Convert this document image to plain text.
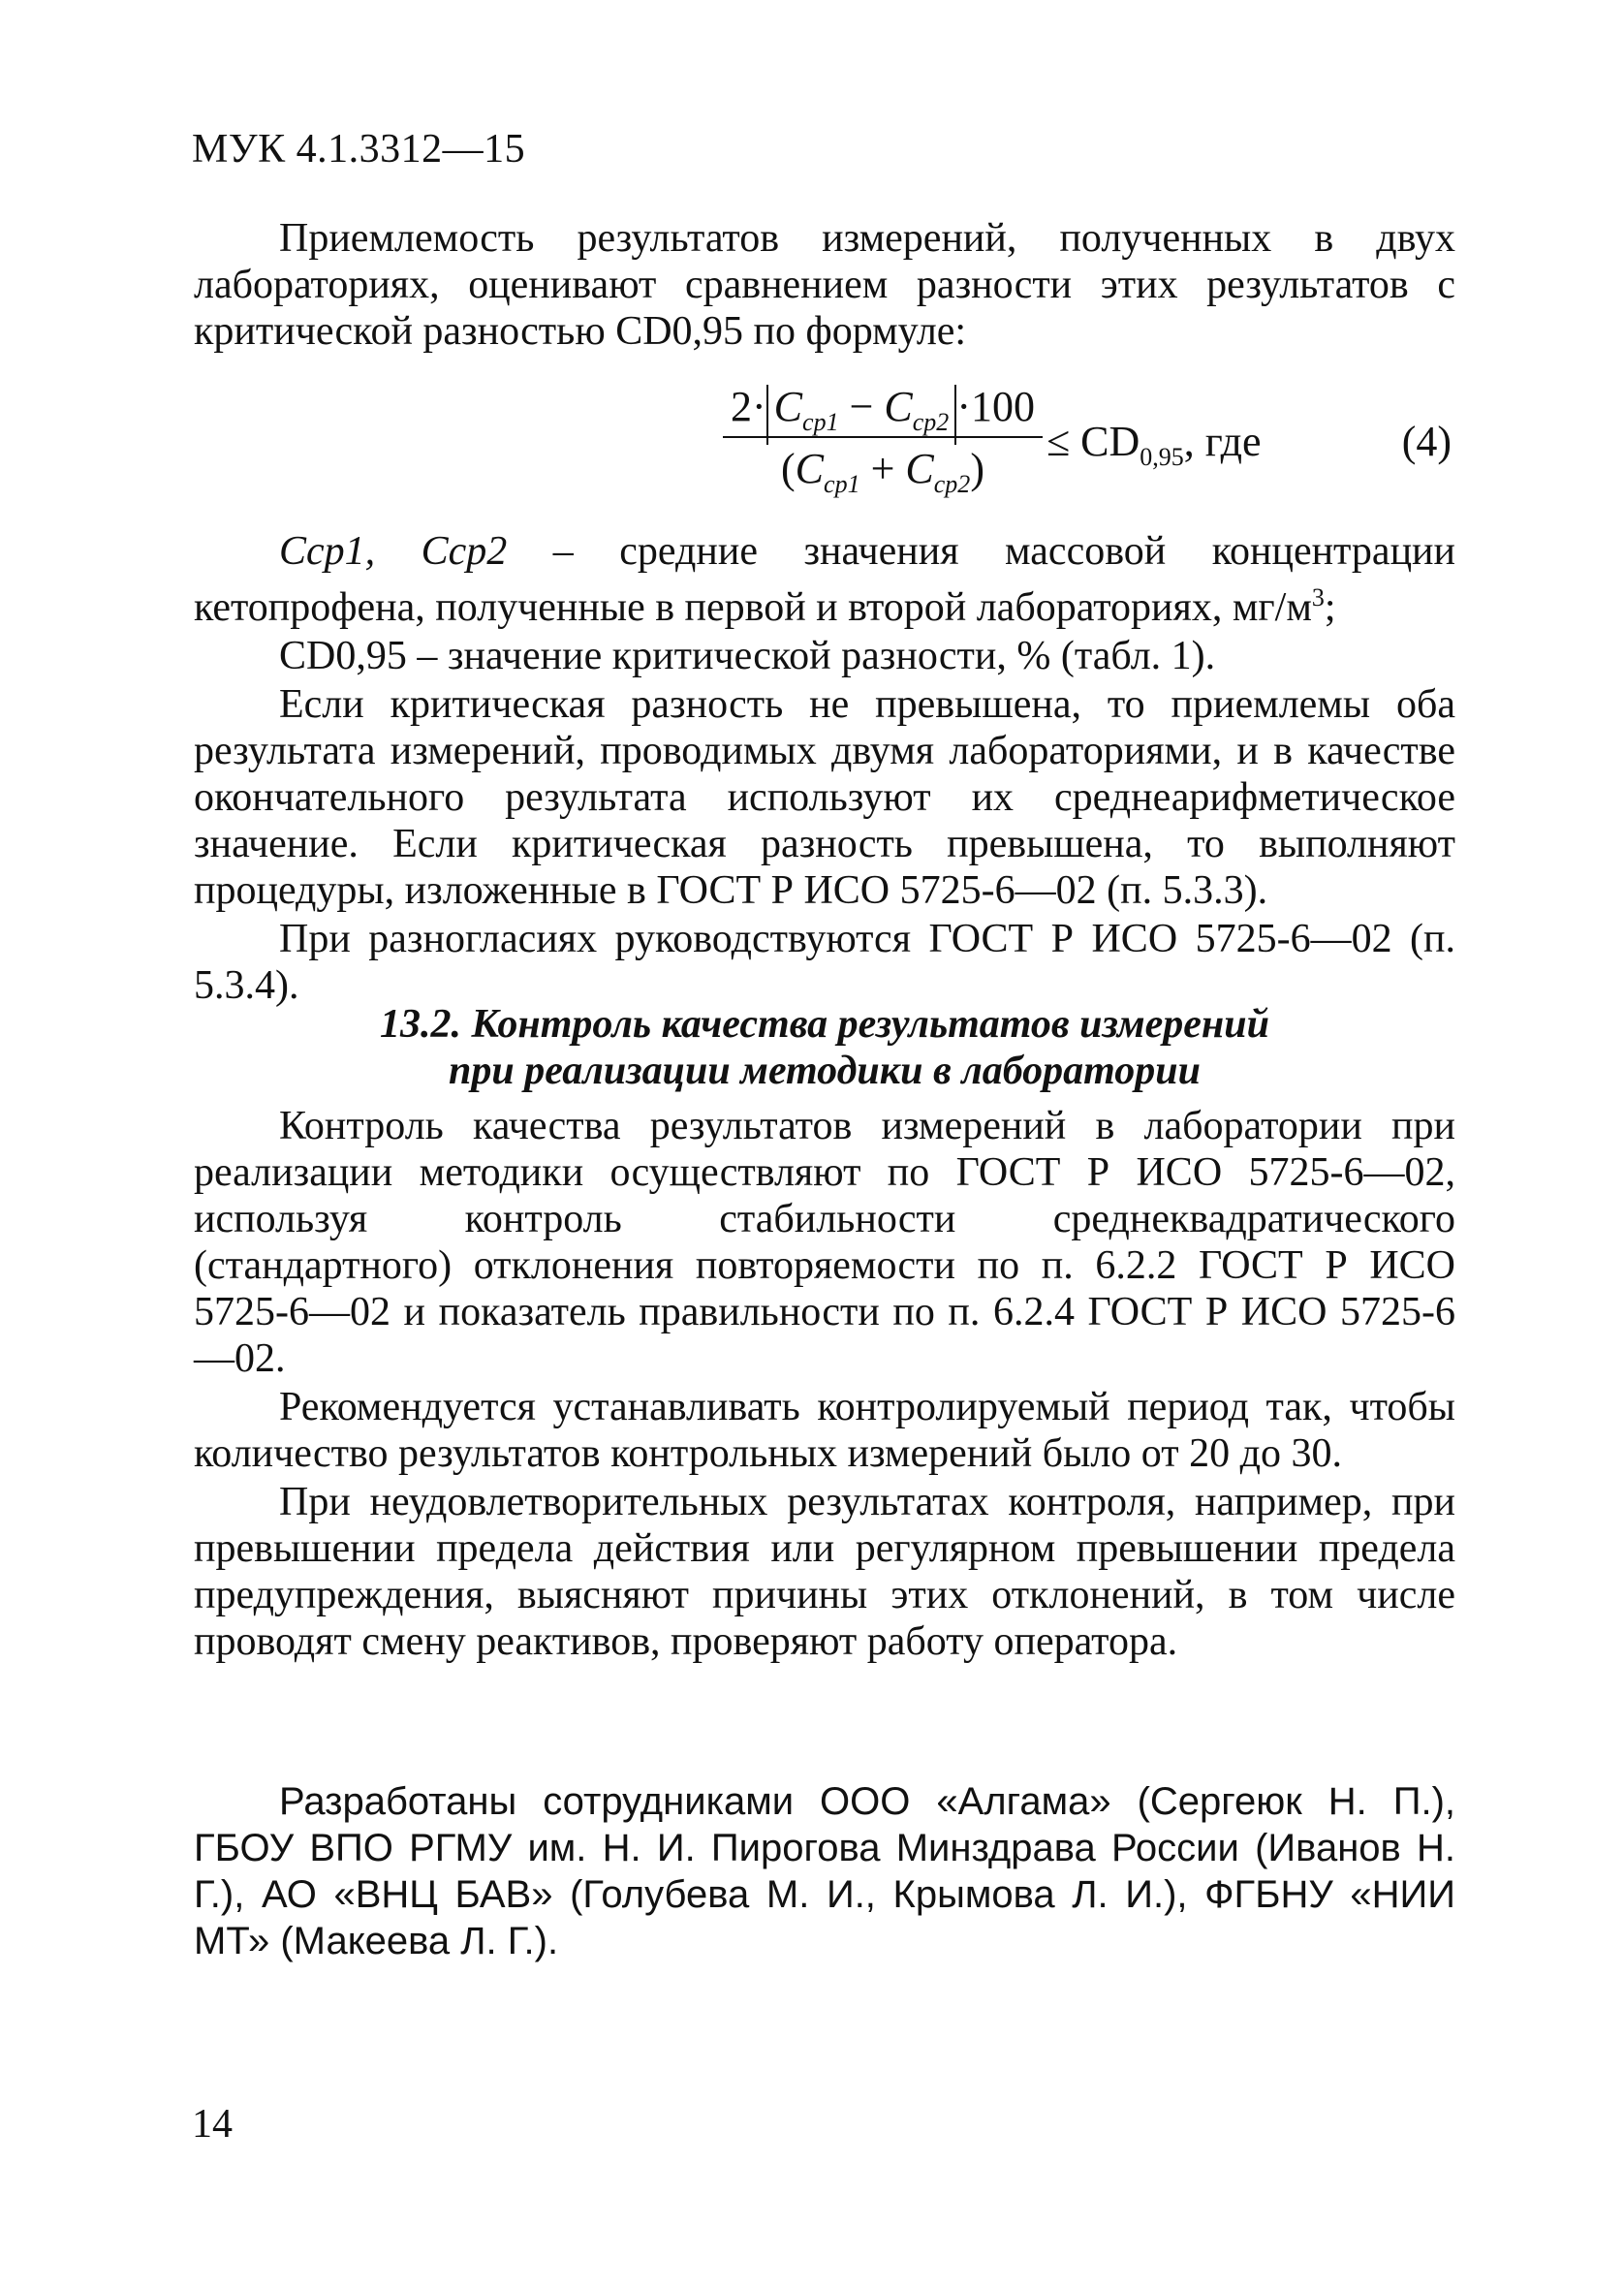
МУК 4.1.3312—15

Приемлемость результатов измерений, полученных в двух лабораториях, оценивают сравнением разности этих результатов с критической разностью CD0,95 по формуле:

$2\cdot C_{cp1} - C_{cp2} \cdot 100$
$(C_{cp1} + C_{cp2})$
≤ $CD_{0,95}$, где	(4)

Cср1, Cср2 – средние значения массовой концентрации кетопрофена, полученные в первой и второй лабораториях, $мг/м^3$;

CD0,95 – значение критической разности, % (табл. 1).

Если критическая разность не превышена, то приемлемы оба результата измерений, проводимых двумя лабораториями, и в качестве окончательного результата используют их среднеарифметическое значение. Если критическая разность превышена, то выполняют процедуры, изложенные в ГОСТ Р ИСО 5725-6—02 (п. 5.3.3).

При разногласиях руководствуются ГОСТ Р ИСО 5725-6—02 (п. 5.3.4).

13.2. Контроль качества результатов измерений
при реализации методики в лаборатории

Контроль качества результатов измерений в лаборатории при реализации методики осуществляют по ГОСТ Р ИСО 5725-6—02, используя контроль стабильности среднеквадратического (стандартного) отклонения повторяемости по п. 6.2.2 ГОСТ Р ИСО 5725-6—02 и показатель правильности по п. 6.2.4 ГОСТ Р ИСО 5725-6—02.

Рекомендуется устанавливать контролируемый период так, чтобы количество результатов контрольных измерений было от 20 до 30.

При неудовлетворительных результатах контроля, например, при превышении предела действия или регулярном превышении предела предупреждения, выясняют причины этих отклонений, в том числе проводят смену реактивов, проверяют работу оператора.

Разработаны сотрудниками ООО «Алгама» (Сергеюк Н. П.), ГБОУ ВПО РГМУ им. Н. И. Пирогова Минздрава России (Иванов Н. Г.), АО «ВНЦ БАВ» (Голубева М. И., Крымова Л. И.), ФГБНУ «НИИ МТ» (Макеева Л. Г.).

14
